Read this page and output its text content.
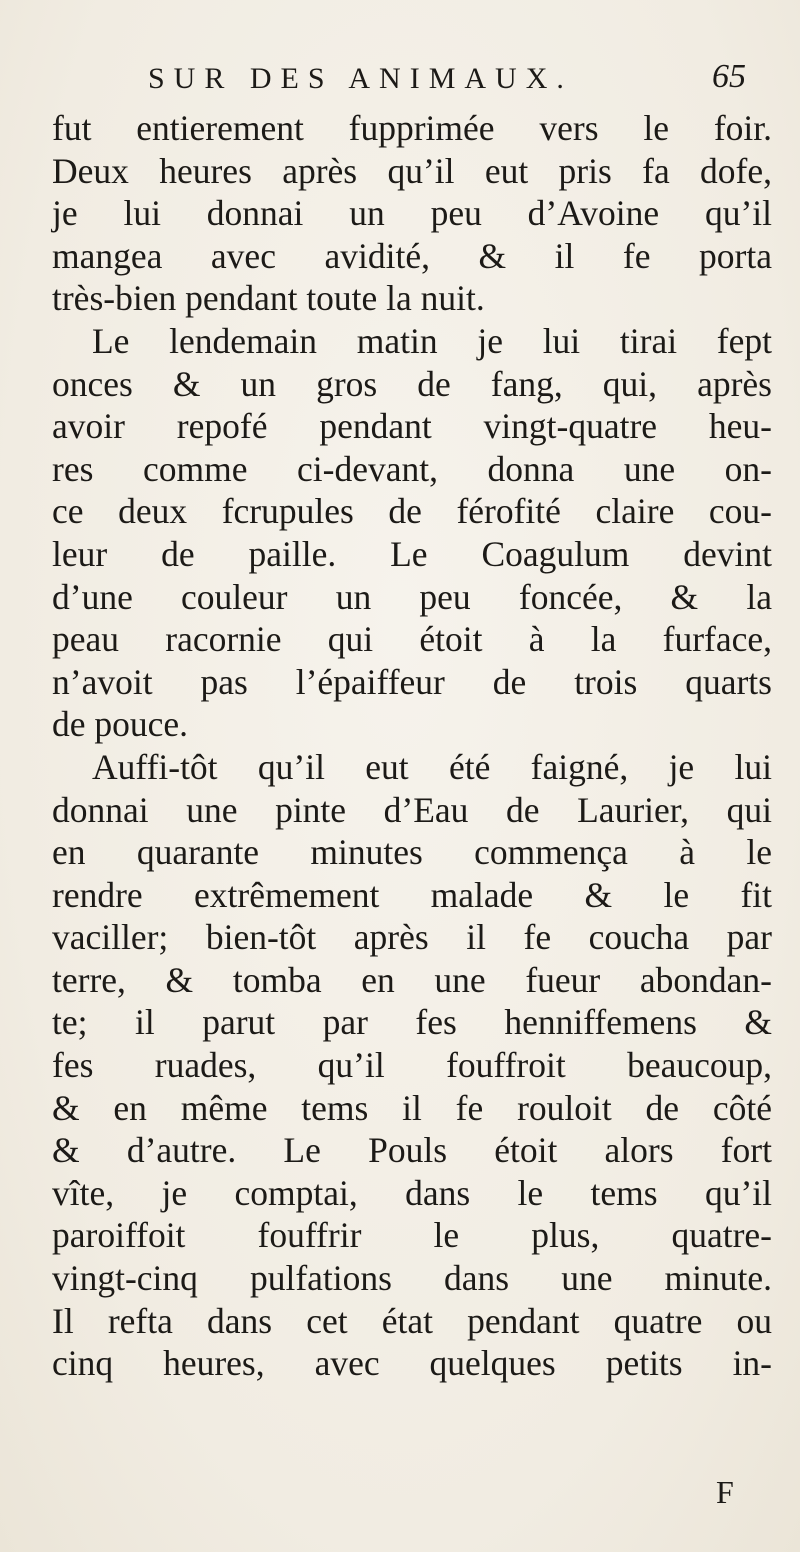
SUR DES ANIMAUX.	65
fut entierement fupprimée vers le foir.
Deux heures après qu’il eut pris fa dofe,
je lui donnai un peu d’Avoine qu’il
mangea avec avidité, & il fe porta
très-bien pendant toute la nuit.
Le lendemain matin je lui tirai fept
onces & un gros de fang, qui, après
avoir repofé pendant vingt-quatre heu-
res comme ci-devant, donna une on-
ce deux fcrupules de férofité claire cou-
leur de paille. Le Coagulum devint
d’une couleur un peu foncée, & la
peau racornie qui étoit à la furface,
n’avoit pas l’épaiffeur de trois quarts
de pouce.
Auffi-tôt qu’il eut été faigné, je lui
donnai une pinte d’Eau de Laurier, qui
en quarante minutes commença à le
rendre extrêmement malade & le fit
vaciller; bien-tôt après il fe coucha par
terre, & tomba en une fueur abondan-
te; il parut par fes henniffemens &
fes ruades, qu’il fouffroit beaucoup,
& en même tems il fe rouloit de côté
& d’autre. Le Pouls étoit alors fort
vîte, je comptai, dans le tems qu’il
paroiffoit fouffrir le plus, quatre-
vingt-cinq pulfations dans une minute.
Il refta dans cet état pendant quatre ou
cinq heures, avec quelques petits in-
F
